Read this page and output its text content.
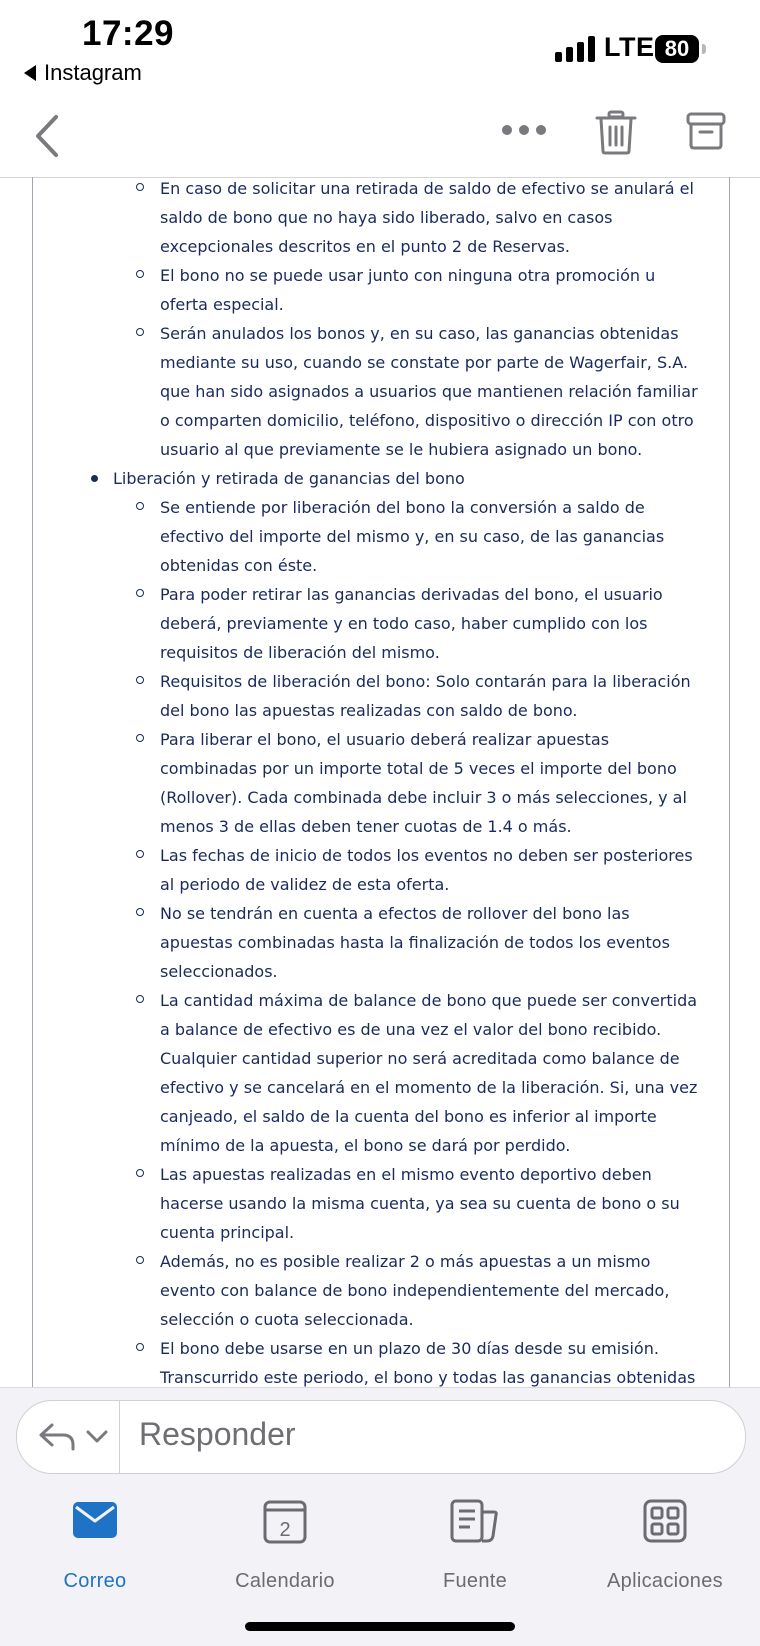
17:29
Instagram
LTE 80

En caso de solicitar una retirada de saldo de efectivo se anulará el saldo de bono que no haya sido liberado, salvo en casos excepcionales descritos en el punto 2 de Reservas.

El bono no se puede usar junto con ninguna otra promoción u oferta especial.

Serán anulados los bonos y, en su caso, las ganancias obtenidas mediante su uso, cuando se constate por parte de Wagerfair, S.A. que han sido asignados a usuarios que mantienen relación familiar o comparten domicilio, teléfono, dispositivo o dirección IP con otro usuario al que previamente se le hubiera asignado un bono.

Liberación y retirada de ganancias del bono

Se entiende por liberación del bono la conversión a saldo de efectivo del importe del mismo y, en su caso, de las ganancias obtenidas con éste.

Para poder retirar las ganancias derivadas del bono, el usuario deberá, previamente y en todo caso, haber cumplido con los requisitos de liberación del mismo.

Requisitos de liberación del bono: Solo contarán para la liberación del bono las apuestas realizadas con saldo de bono.

Para liberar el bono, el usuario deberá realizar apuestas combinadas por un importe total de 5 veces el importe del bono (Rollover). Cada combinada debe incluir 3 o más selecciones, y al menos 3 de ellas deben tener cuotas de 1.4 o más.

Las fechas de inicio de todos los eventos no deben ser posteriores al periodo de validez de esta oferta.

No se tendrán en cuenta a efectos de rollover del bono las apuestas combinadas hasta la finalización de todos los eventos seleccionados.

La cantidad máxima de balance de bono que puede ser convertida a balance de efectivo es de una vez el valor del bono recibido. Cualquier cantidad superior no será acreditada como balance de efectivo y se cancelará en el momento de la liberación. Si, una vez canjeado, el saldo de la cuenta del bono es inferior al importe mínimo de la apuesta, el bono se dará por perdido.

Las apuestas realizadas en el mismo evento deportivo deben hacerse usando la misma cuenta, ya sea su cuenta de bono o su cuenta principal.

Además, no es posible realizar 2 o más apuestas a un mismo evento con balance de bono independientemente del mercado, selección o cuota seleccionada.

El bono debe usarse en un plazo de 30 días desde su emisión. Transcurrido este periodo, el bono y todas las ganancias obtenidas

Responder
Correo
2
Calendario	Fuente	Aplicaciones
